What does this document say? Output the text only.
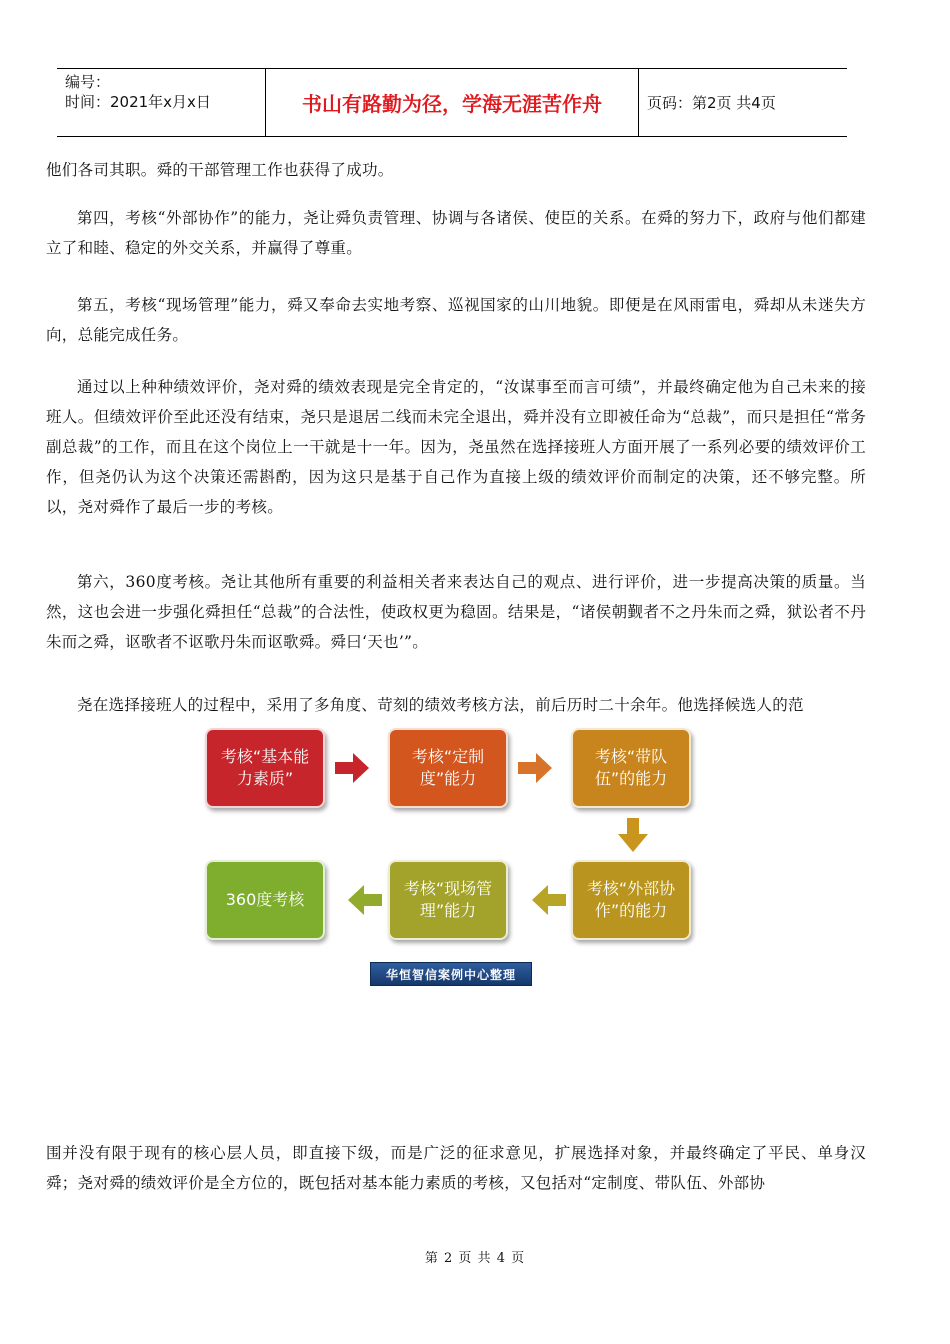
编号：
时间：2021年x月x日	书山有路勤为径，学海无涯苦作舟	页码：第2页 共4页
他们各司其职。舜的干部管理工作也获得了成功。
第四，考核“外部协作”的能力，尧让舜负责管理、协调与各诸侯、使臣的关系。在舜的努力下，政府与他们都建立了和睦、稳定的外交关系，并赢得了尊重。
第五，考核“现场管理”能力，舜又奉命去实地考察、巡视国家的山川地貌。即便是在风雨雷电，舜却从未迷失方向，总能完成任务。
通过以上种种绩效评价，尧对舜的绩效表现是完全肯定的，“汝谋事至而言可绩”，并最终确定他为自己未来的接班人。但绩效评价至此还没有结束，尧只是退居二线而未完全退出，舜并没有立即被任命为“总裁”，而只是担任“常务副总裁”的工作，而且在这个岗位上一干就是十一年。因为，尧虽然在选择接班人方面开展了一系列必要的绩效评价工作，但尧仍认为这个决策还需斟酌，因为这只是基于自己作为直接上级的绩效评价而制定的决策，还不够完整。所以，尧对舜作了最后一步的考核。
第六，360度考核。尧让其他所有重要的利益相关者来表达自己的观点、进行评价，进一步提高决策的质量。当然，这也会进一步强化舜担任“总裁”的合法性，使政权更为稳固。结果是，“诸侯朝觐者不之丹朱而之舜，狱讼者不丹朱而之舜，讴歌者不讴歌丹朱而讴歌舜。舜曰‘天也’”。
尧在选择接班人的过程中，采用了多角度、苛刻的绩效考核方法，前后历时二十余年。他选择候选人的范
考核“基本能力素质”
考核“定制度”能力
考核“带队伍”的能力
考核“外部协作”的能力
考核“现场管理”能力
360度考核
华恒智信案例中心整理
围并没有限于现有的核心层人员，即直接下级，而是广泛的征求意见，扩展选择对象，并最终确定了平民、单身汉舜；尧对舜的绩效评价是全方位的，既包括对基本能力素质的考核，又包括对“定制度、带队伍、外部协
第 2 页 共 4 页
